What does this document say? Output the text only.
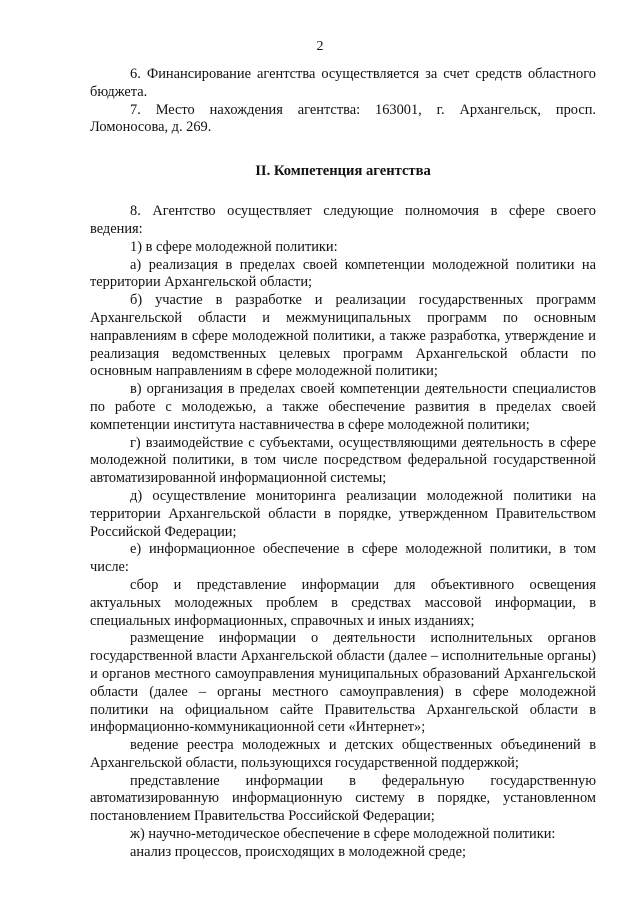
2

6. Финансирование агентства осуществляется за счет средств областного бюджета.

7. Место нахождения агентства: 163001, г. Архангельск, просп. Ломоносова, д. 269.

II. Компетенция агентства

8. Агентство осуществляет следующие полномочия в сфере своего ведения:

1) в сфере молодежной политики:

а) реализация в пределах своей компетенции молодежной политики на территории Архангельской области;

б) участие в разработке и реализации государственных программ Архангельской области и межмуниципальных программ по основным направлениям в сфере молодежной политики, а также разработка, утверждение и реализация ведомственных целевых программ Архангельской области по основным направлениям в сфере молодежной политики;

в) организация в пределах своей компетенции деятельности специалистов по работе с молодежью, а также обеспечение развития в пределах своей компетенции института наставничества в сфере молодежной политики;

г) взаимодействие с субъектами, осуществляющими деятельность в сфере молодежной политики, в том числе посредством федеральной государственной автоматизированной информационной системы;

д) осуществление мониторинга реализации молодежной политики на территории Архангельской области в порядке, утвержденном Правительством Российской Федерации;

е) информационное обеспечение в сфере молодежной политики, в том числе:

сбор и представление информации для объективного освещения актуальных молодежных проблем в средствах массовой информации, в специальных информационных, справочных и иных изданиях;

размещение информации о деятельности исполнительных органов государственной власти Архангельской области (далее – исполнительные органы) и органов местного самоуправления муниципальных образований Архангельской области (далее – органы местного самоуправления) в сфере молодежной политики на официальном сайте Правительства Архангельской области в информационно-коммуникационной сети «Интернет»;

ведение реестра молодежных и детских общественных объединений в Архангельской области, пользующихся государственной поддержкой;

представление информации в федеральную государственную автоматизированную информационную систему в порядке, установленном постановлением Правительства Российской Федерации;

ж) научно-методическое обеспечение в сфере молодежной политики:

анализ процессов, происходящих в молодежной среде;
